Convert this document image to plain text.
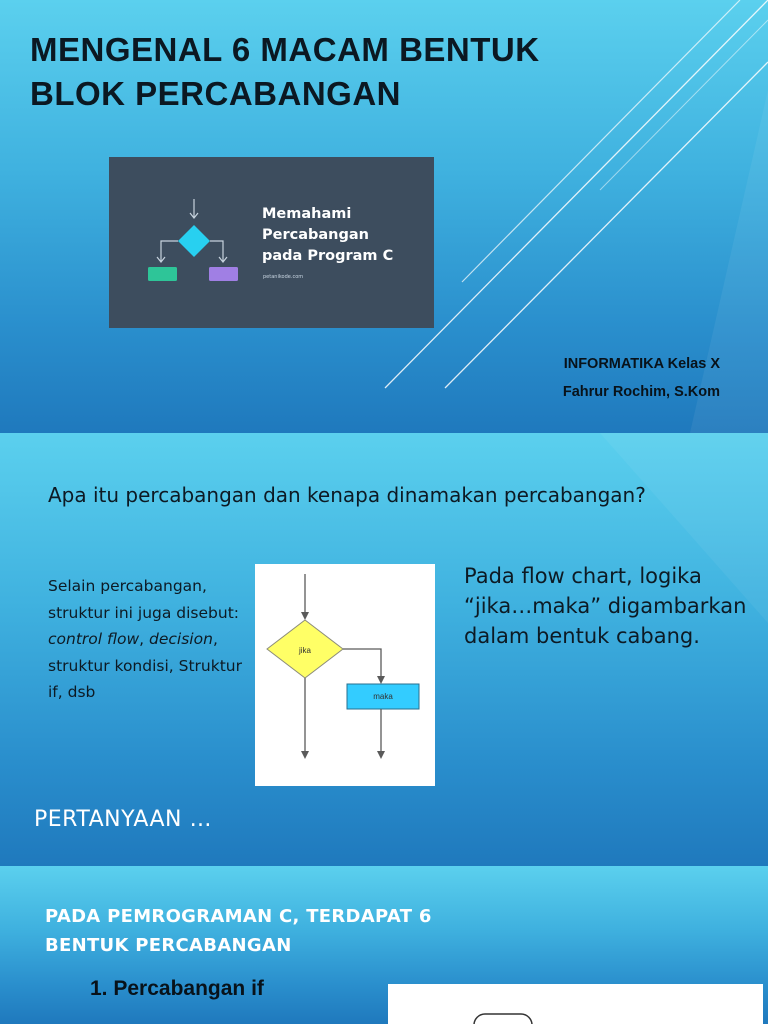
MENGENAL 6 MACAM BENTUK
BLOK PERCABANGAN
Memahami
Percabangan
pada Program C
petanikode.com
INFORMATIKA Kelas X
Fahrur Rochim, S.Kom
Apa itu percabangan dan kenapa dinamakan percabangan?
Selain percabangan, struktur ini juga disebut: control flow, decision, struktur kondisi, Struktur if, dsb
jika
maka
Pada flow chart, logika “jika…maka” digambarkan dalam bentuk cabang.
PERTANYAAN …
PADA PEMROGRAMAN C, TERDAPAT 6
BENTUK PERCABANGAN
1. Percabangan if
